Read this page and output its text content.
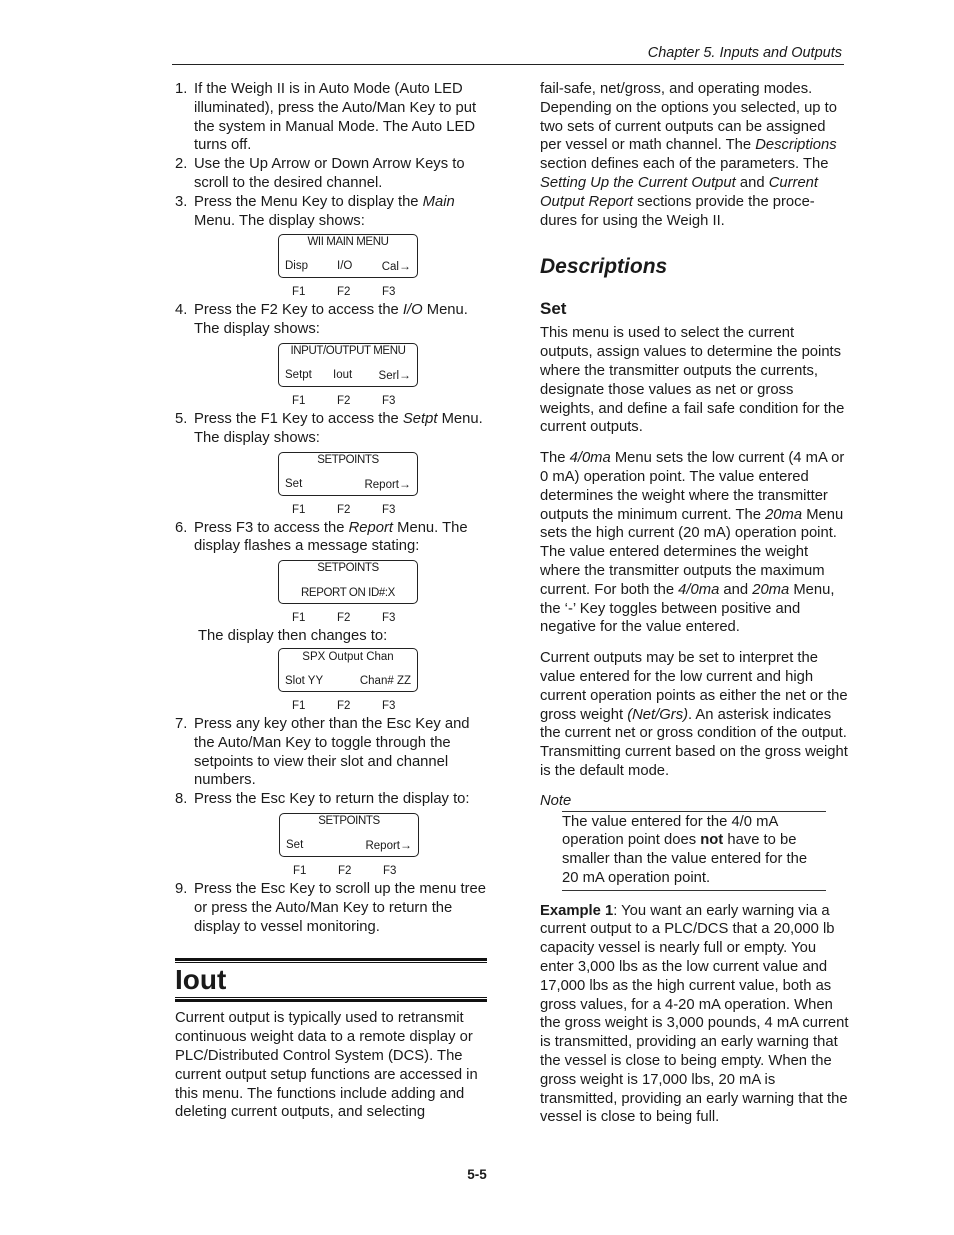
Chapter 5. Inputs and Outputs
1. If the Weigh II is in Auto Mode (Auto LED illuminated), press the Auto/Man Key to put the system in Manual Mode. The Auto LED turns off.
2. Use the Up Arrow or Down Arrow Keys to scroll to the desired channel.
3. Press the Menu Key to display the Main Menu. The display shows:
WII MAIN MENU
Disp	I/O	Cal→
F1	F2	F3
4. Press the F2 Key to access the I/O Menu. The display shows:
INPUT/OUTPUT MENU
Setpt Iout Serl→
F1	F2	F3
5. Press the F1 Key to access the Setpt Menu. The display shows:
SETPOINTS
Set	Report→
F1	F2	F3
6. Press F3 to access the Report Menu. The display flashes a message stating:
SETPOINTS
REPORT ON ID#:X
F1	F2	F3
The display then changes to:
SPX Output Chan
Slot YY	Chan# ZZ
F1	F2	F3
7. Press any key other than the Esc Key and the Auto/Man Key to toggle through the setpoints to view their slot and channel numbers.
8. Press the Esc Key to return the display to:
SETPOINTS
Set	Report→
F1	F2	F3
9. Press the Esc Key to scroll up the menu tree or press the Auto/Man Key to return the display to vessel monitoring.
Iout

Current output is typically used to retransmit continuous weight data to a remote display or PLC/Distributed Control System (DCS). The current output setup functions are accessed in this menu. The functions include adding and deleting current outputs, and selecting

fail-safe, net/gross, and operating modes. Depending on the options you selected, up to two sets of current outputs can be assigned per vessel or math channel. The Descriptions section defines each of the parameters. The Setting Up the Current Output and Current Output Report sections provide the proce-dures for using the Weigh II.

Descriptions
Set

This menu is used to select the current outputs, assign values to determine the points where the transmitter outputs the currents, designate those values as net or gross weights, and define a fail safe condition for the current outputs.

The 4/0ma Menu sets the low current (4 mA or 0 mA) operation point. The value entered determines the weight where the transmitter outputs the minimum current. The 20ma Menu sets the high current (20 mA) operation point. The value entered determines the weight where the transmitter outputs the maximum current. For both the 4/0ma and 20ma Menu, the ‘-’ Key toggles between positive and negative for the value entered.

Current outputs may be set to interpret the value entered for the low current and high current operation points as either the net or the gross weight (Net/Grs). An asterisk indicates the current net or gross condition of the output. Transmitting current based on the gross weight is the default mode.

Note
The value entered for the 4/0 mA operation point does not have to be smaller than the value entered for the 20 mA operation point.

Example 1: You want an early warning via a current output to a PLC/DCS that a 20,000 lb capacity vessel is nearly full or empty. You enter 3,000 lbs as the low current value and 17,000 lbs as the high current value, both as gross values, for a 4-20 mA operation. When the gross weight is 3,000 pounds, 4 mA current is transmitted, providing an early warning that the vessel is close to being empty. When the gross weight is 17,000 lbs, 20 mA is transmitted, providing an early warning that the vessel is close to being full.

5-5
